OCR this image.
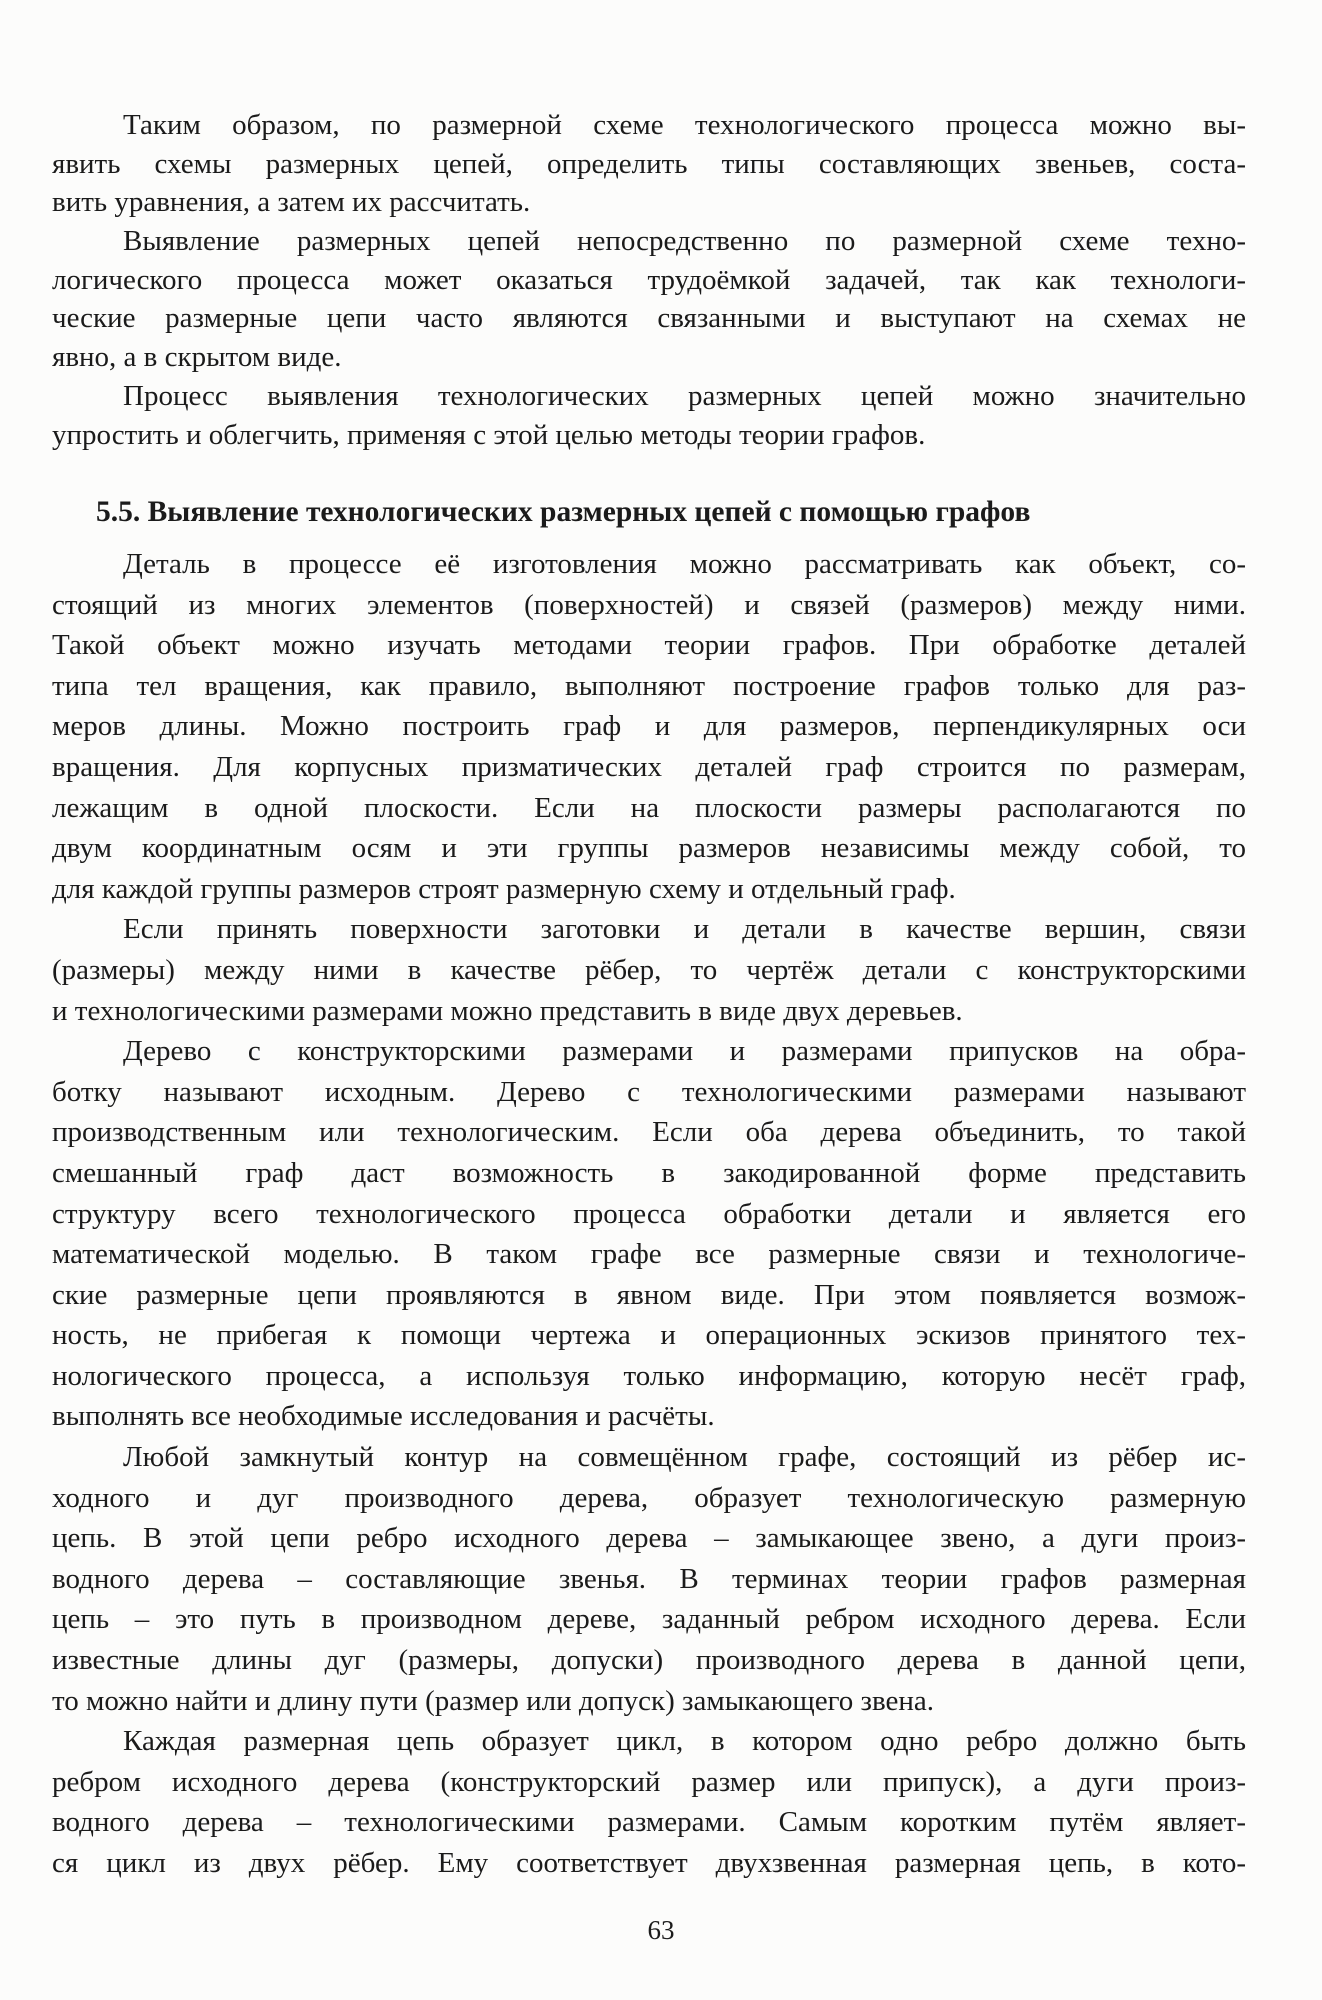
Таким образом, по размерной схеме технологического процесса можно вы-
явить схемы размерных цепей, определить типы составляющих звеньев, соста-
вить уравнения, а затем их рассчитать.
Выявление размерных цепей непосредственно по размерной схеме техно-
логического процесса может оказаться трудоёмкой задачей, так как технологи-
ческие размерные цепи часто являются связанными и выступают на схемах не
явно, а в скрытом виде.
Процесс выявления технологических размерных цепей можно значительно
упростить и облегчить, применяя с этой целью методы теории графов.
5.5. Выявление технологических размерных цепей с помощью графов
Деталь в процессе её изготовления можно рассматривать как объект, со-
стоящий из многих элементов (поверхностей) и связей (размеров) между ними.
Такой объект можно изучать методами теории графов. При обработке деталей
типа тел вращения, как правило, выполняют построение графов только для раз-
меров длины. Можно построить граф и для размеров, перпендикулярных оси
вращения. Для корпусных призматических деталей граф строится по размерам,
лежащим в одной плоскости. Если на плоскости размеры располагаются по
двум координатным осям и эти группы размеров независимы между собой, то
для каждой группы размеров строят размерную схему и отдельный граф.
Если принять поверхности заготовки и детали в качестве вершин, связи
(размеры) между ними в качестве рёбер, то чертёж детали с конструкторскими
и технологическими размерами можно представить в виде двух деревьев.
Дерево с конструкторскими размерами и размерами припусков на обра-
ботку называют исходным. Дерево с технологическими размерами называют
производственным или технологическим. Если оба дерева объединить, то такой
смешанный граф даст возможность в закодированной форме представить
структуру всего технологического процесса обработки детали и является его
математической моделью. В таком графе все размерные связи и технологиче-
ские размерные цепи проявляются в явном виде. При этом появляется возмож-
ность, не прибегая к помощи чертежа и операционных эскизов принятого тех-
нологического процесса, а используя только информацию, которую несёт граф,
выполнять все необходимые исследования и расчёты.
Любой замкнутый контур на совмещённом графе, состоящий из рёбер ис-
ходного и дуг производного дерева, образует технологическую размерную
цепь. В этой цепи ребро исходного дерева – замыкающее звено, а дуги произ-
водного дерева – составляющие звенья. В терминах теории графов размерная
цепь – это путь в производном дереве, заданный ребром исходного дерева. Если
известные длины дуг (размеры, допуски) производного дерева в данной цепи,
то можно найти и длину пути (размер или допуск) замыкающего звена.
Каждая размерная цепь образует цикл, в котором одно ребро должно быть
ребром исходного дерева (конструкторский размер или припуск), а дуги произ-
водного дерева – технологическими размерами. Самым коротким путём являет-
ся цикл из двух рёбер. Ему соответствует двухзвенная размерная цепь, в кото-
63
